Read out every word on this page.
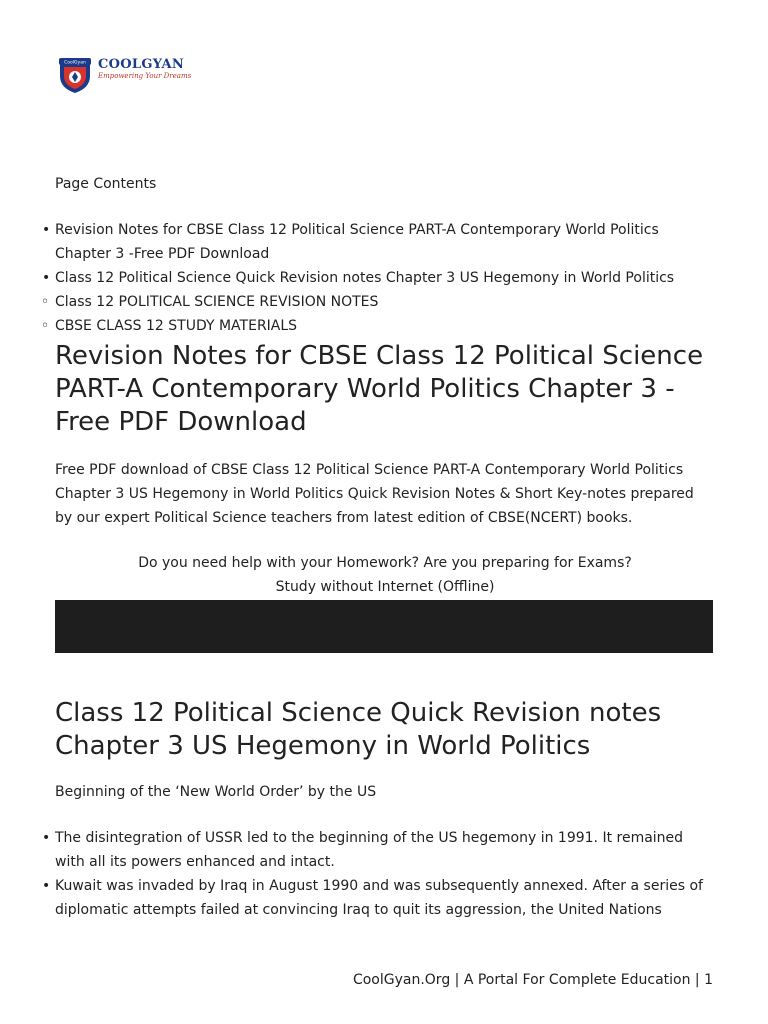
CoolGyan COOLGYAN
Empowering Your Dreams

Page Contents

• Revision Notes for CBSE Class 12 Political Science PART-A Contemporary World Politics Chapter 3 -Free PDF Download
• Class 12 Political Science Quick Revision notes Chapter 3 US Hegemony in World Politics
◦ Class 12 POLITICAL SCIENCE REVISION NOTES
◦ CBSE CLASS 12 STUDY MATERIALS
Revision Notes for CBSE Class 12 Political Science PART-A Contemporary World Politics Chapter 3 -Free PDF Download

Free PDF download of CBSE Class 12 Political Science PART-A Contemporary World Politics Chapter 3 US Hegemony in World Politics Quick Revision Notes & Short Key-notes prepared by our expert Political Science teachers from latest edition of CBSE(NCERT) books.

Do you need help with your Homework? Are you preparing for Exams?

Study without Internet (Offline)

Class 12 Political Science Quick Revision notes Chapter 3 US Hegemony in World Politics

Beginning of the ‘New World Order’ by the US

• The disintegration of USSR led to the beginning of the US hegemony in 1991. It remained with all its powers enhanced and intact.
• Kuwait was invaded by Iraq in August 1990 and was subsequently annexed. After a series of diplomatic attempts failed at convincing Iraq to quit its aggression, the United Nations
CoolGyan.Org | A Portal For Complete Education | 1
